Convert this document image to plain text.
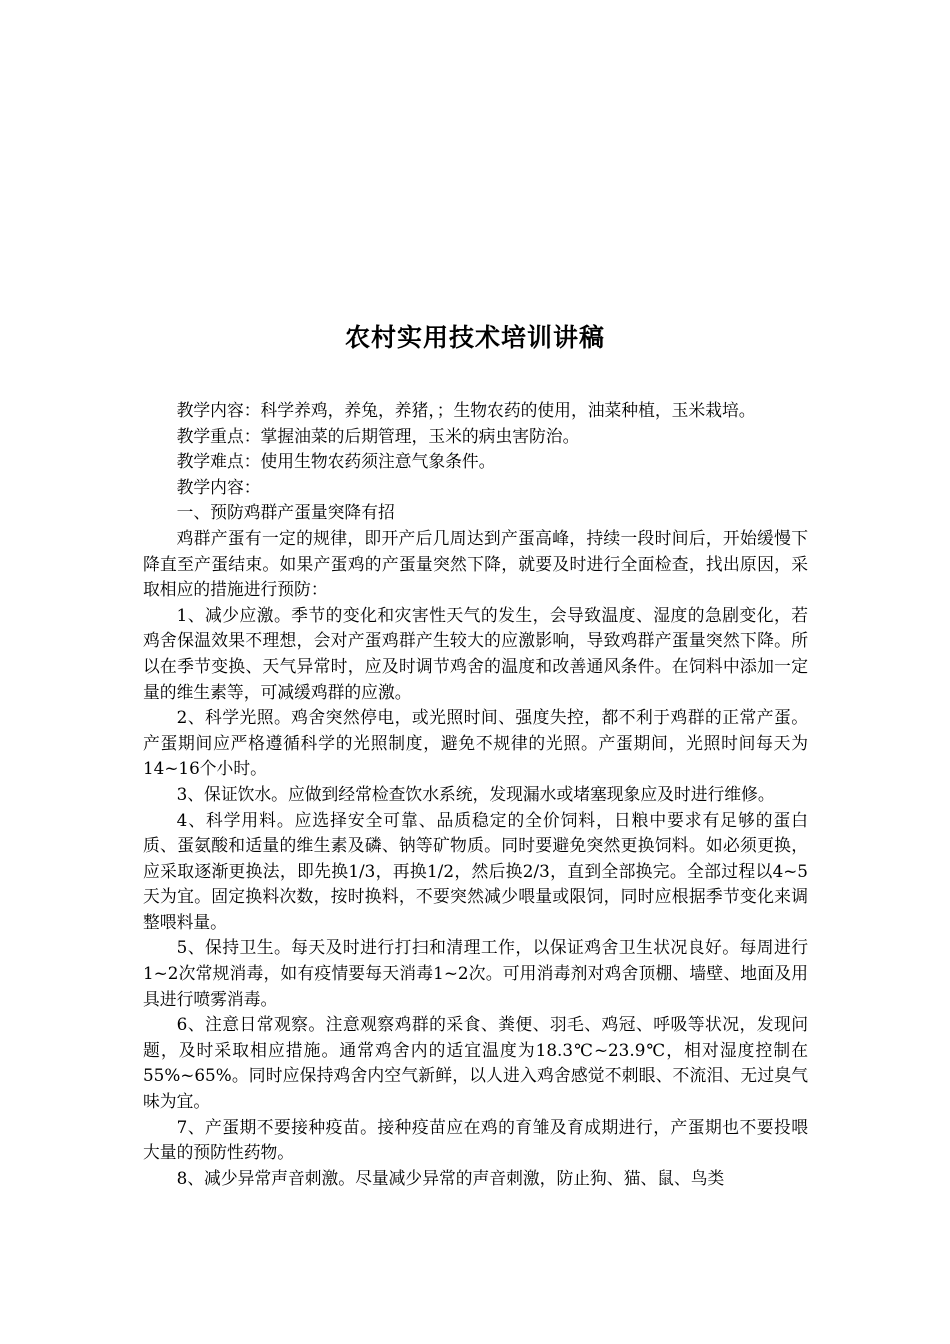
农村实用技术培训讲稿

教学内容：科学养鸡，养兔，养猪，；生物农药的使用，油菜种植，玉米栽培。

教学重点：掌握油菜的后期管理，玉米的病虫害防治。

教学难点：使用生物农药须注意气象条件。

教学内容：

一、预防鸡群产蛋量突降有招

鸡群产蛋有一定的规律，即开产后几周达到产蛋高峰，持续一段时间后，开始缓慢下降直至产蛋结束。如果产蛋鸡的产蛋量突然下降，就要及时进行全面检查，找出原因，采取相应的措施进行预防：

1、减少应激。季节的变化和灾害性天气的发生，会导致温度、湿度的急剧变化，若鸡舍保温效果不理想，会对产蛋鸡群产生较大的应激影响，导致鸡群产蛋量突然下降。所以在季节变换、天气异常时，应及时调节鸡舍的温度和改善通风条件。在饲料中添加一定量的维生素等，可减缓鸡群的应激。

2、科学光照。鸡舍突然停电，或光照时间、强度失控，都不利于鸡群的正常产蛋。产蛋期间应严格遵循科学的光照制度，避免不规律的光照。产蛋期间，光照时间每天为14~16个小时。

3、保证饮水。应做到经常检查饮水系统，发现漏水或堵塞现象应及时进行维修。

4、科学用料。应选择安全可靠、品质稳定的全价饲料，日粮中要求有足够的蛋白质、蛋氨酸和适量的维生素及磷、钠等矿物质。同时要避免突然更换饲料。如必须更换，应采取逐渐更换法，即先换1/3，再换1/2，然后换2/3，直到全部换完。全部过程以4~5天为宜。固定换料次数，按时换料，不要突然减少喂量或限饲，同时应根据季节变化来调整喂料量。

5、保持卫生。每天及时进行打扫和清理工作，以保证鸡舍卫生状况良好。每周进行1~2次常规消毒，如有疫情要每天消毒1~2次。可用消毒剂对鸡舍顶棚、墙壁、地面及用具进行喷雾消毒。

6、注意日常观察。注意观察鸡群的采食、粪便、羽毛、鸡冠、呼吸等状况，发现问题，及时采取相应措施。通常鸡舍内的适宜温度为18.3℃~23.9℃，相对湿度控制在55%~65%。同时应保持鸡舍内空气新鲜，以人进入鸡舍感觉不刺眼、不流泪、无过臭气味为宜。

7、产蛋期不要接种疫苗。接种疫苗应在鸡的育雏及育成期进行，产蛋期也不要投喂大量的预防性药物。

8、减少异常声音刺激。尽量减少异常的声音刺激，防止狗、猫、鼠、鸟类
